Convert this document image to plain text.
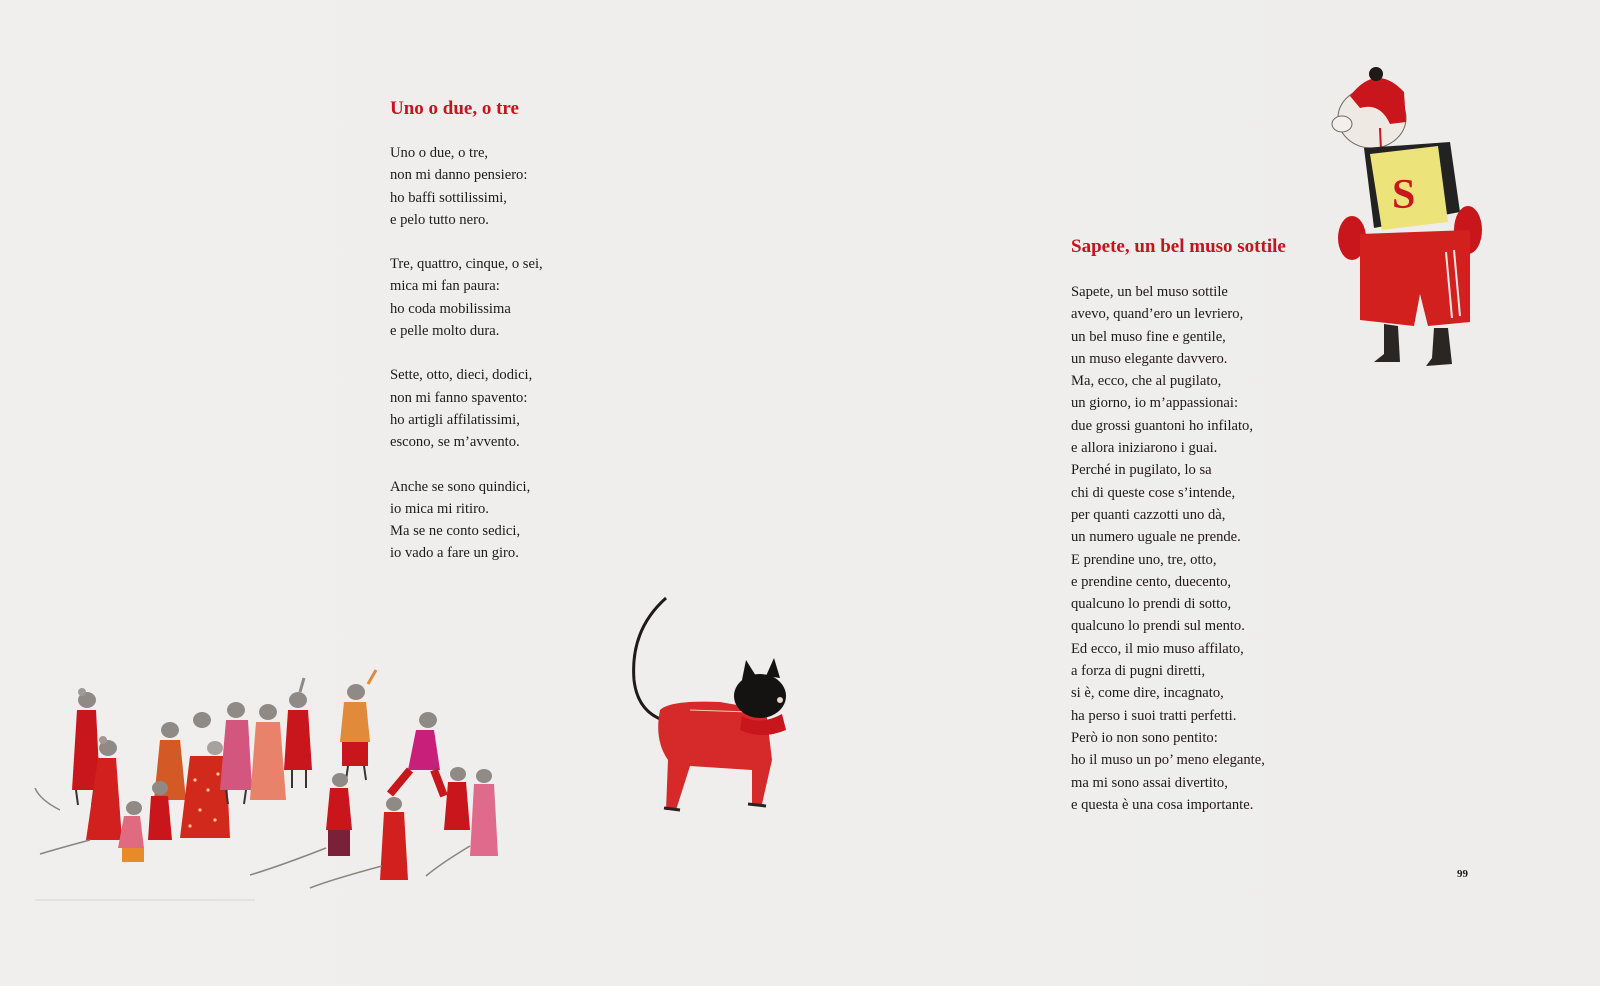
Uno o due, o tre
Uno o due, o tre,
non mi danno pensiero:
ho baffi sottilissimi,
e pelo tutto nero.
Tre, quattro, cinque, o sei,
mica mi fan paura:
ho coda mobilissima
e pelle molto dura.
Sette, otto, dieci, dodici,
non mi fanno spavento:
ho artigli affilatissimi,
escono, se m’avvento.
Anche se sono quindici,
io mica mi ritiro.
Ma se ne conto sedici,
io vado a fare un giro.
Sapete, un bel muso sottile
Sapete, un bel muso sottile
avevo, quand’ero un levriero,
un bel muso fine e gentile,
un muso elegante davvero.
Ma, ecco, che al pugilato,
un giorno, io m’appassionai:
due grossi guantoni ho infilato,
e allora iniziarono i guai.
Perché in pugilato, lo sa
chi di queste cose s’intende,
per quanti cazzotti uno dà,
un numero uguale ne prende.
E prendine uno, tre, otto,
e prendine cento, duecento,
qualcuno lo prendi di sotto,
qualcuno lo prendi sul mento.
Ed ecco, il mio muso affilato,
a forza di pugni diretti,
si è, come dire, incagnato,
ha perso i suoi tratti perfetti.
Però io non sono pentito:
ho il muso un po’ meno elegante,
ma mi sono assai divertito,
e questa è una cosa importante.
99
S
